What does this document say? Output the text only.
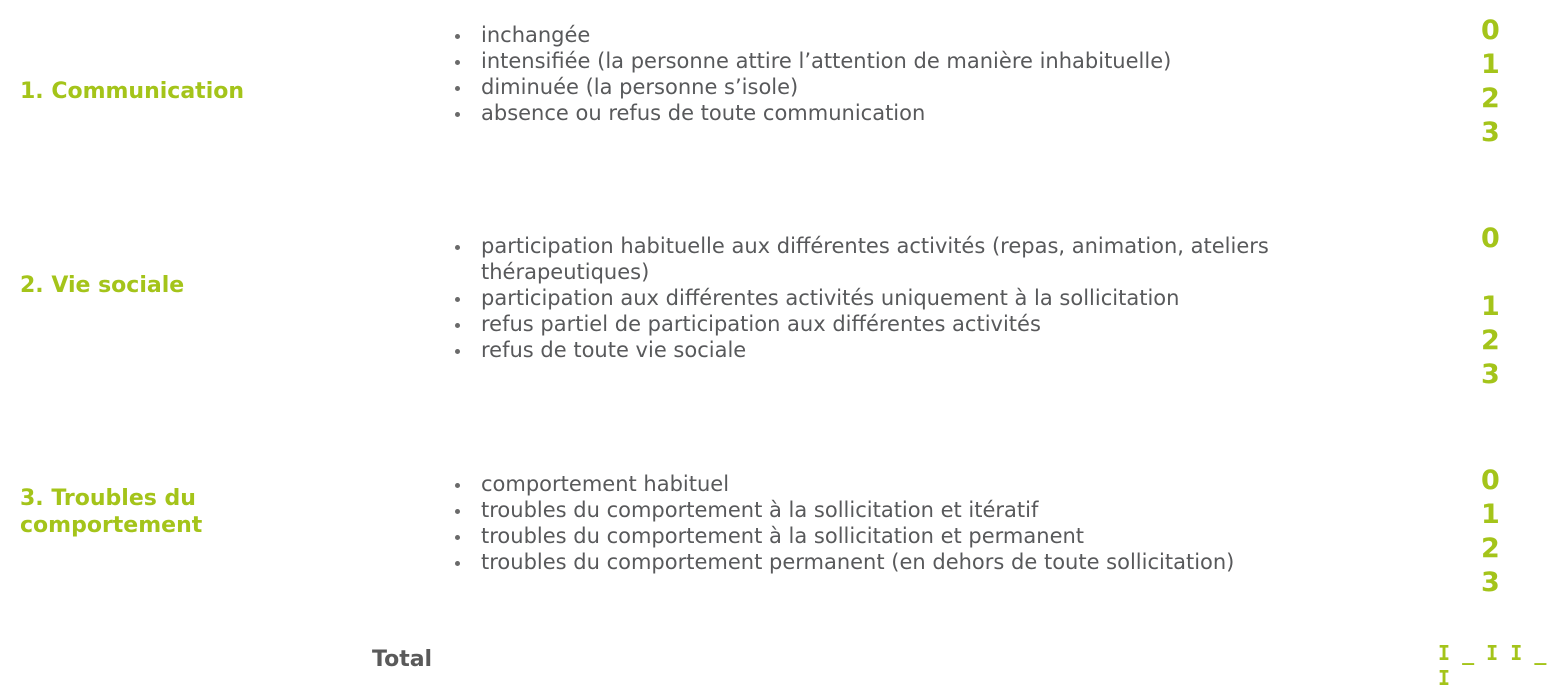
1. Communication
inchangée
intensifiée (la personne attire l’attention de manière inhabituelle)
diminuée (la personne s’isole)
absence ou refus de toute communication
0
1
2
3
2. Vie sociale
participation habituelle aux différentes activités (repas, animation, ateliers thérapeutiques)
participation aux différentes activités uniquement à la sollicitation
refus partiel de participation aux différentes activités
refus de toute vie sociale
0
1
2
3
3. Troubles du comportement
comportement habituel
troubles du comportement à la sollicitation et itératif
troubles du comportement à la sollicitation et permanent
troubles du comportement permanent (en dehors de toute sollicitation)
0
1
2
3
Total	I _ I I _ I
